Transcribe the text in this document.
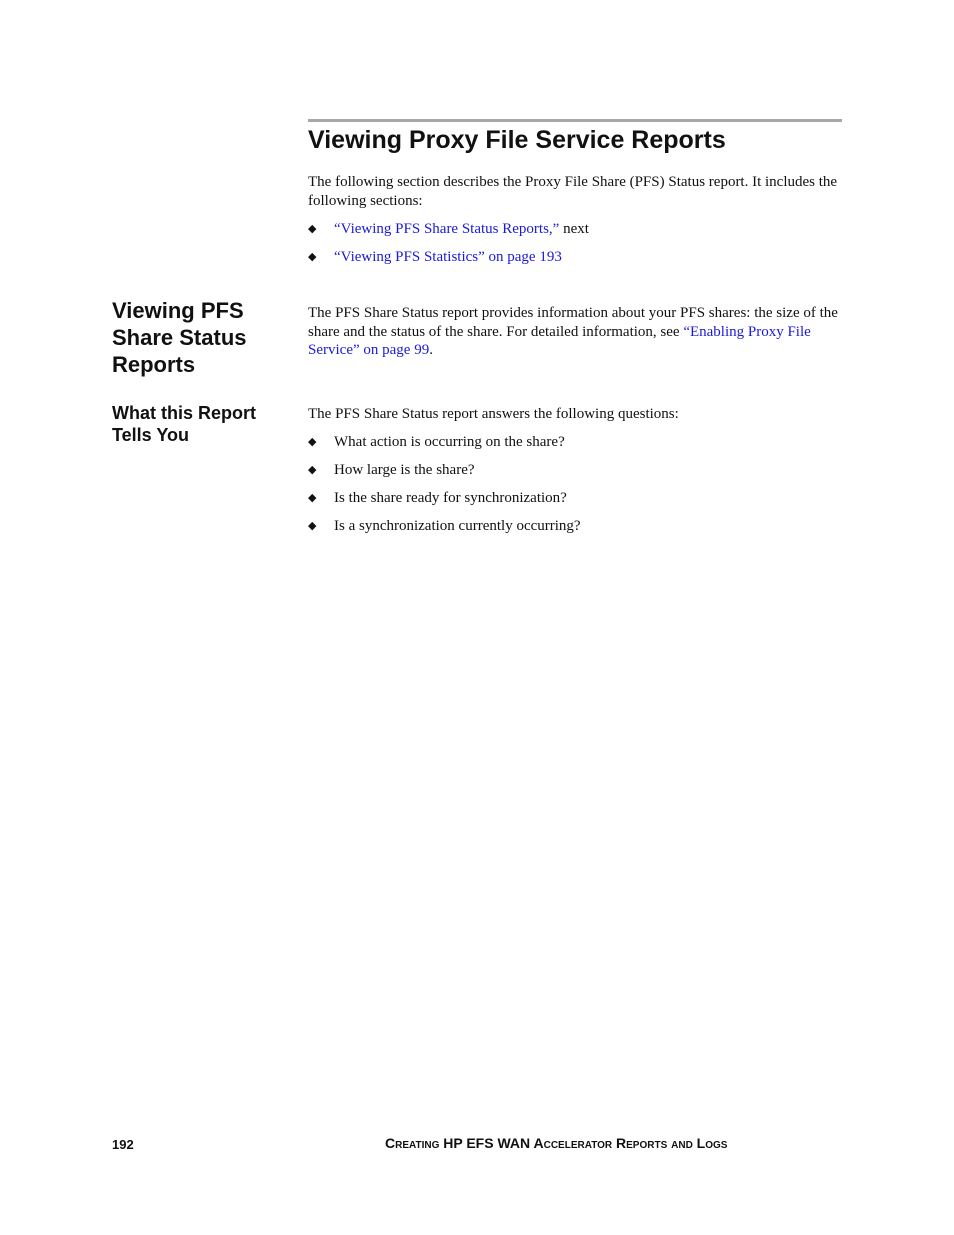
Viewing Proxy File Service Reports

The following section describes the Proxy File Share (PFS) Status report. It includes the following sections:

◆ “Viewing PFS Share Status Reports,” next
◆ “Viewing PFS Statistics” on page 193
Viewing PFS
Share Status
Reports

The PFS Share Status report provides information about your PFS shares: the size of the share and the status of the share. For detailed information, see “Enabling Proxy File Service” on page 99.

What this Report
Tells You

The PFS Share Status report answers the following questions:

◆ What action is occurring on the share?
◆ How large is the share?
◆ Is the share ready for synchronization?
◆ Is a synchronization currently occurring?
192	Creating HP EFS WAN Accelerator Reports and Logs
